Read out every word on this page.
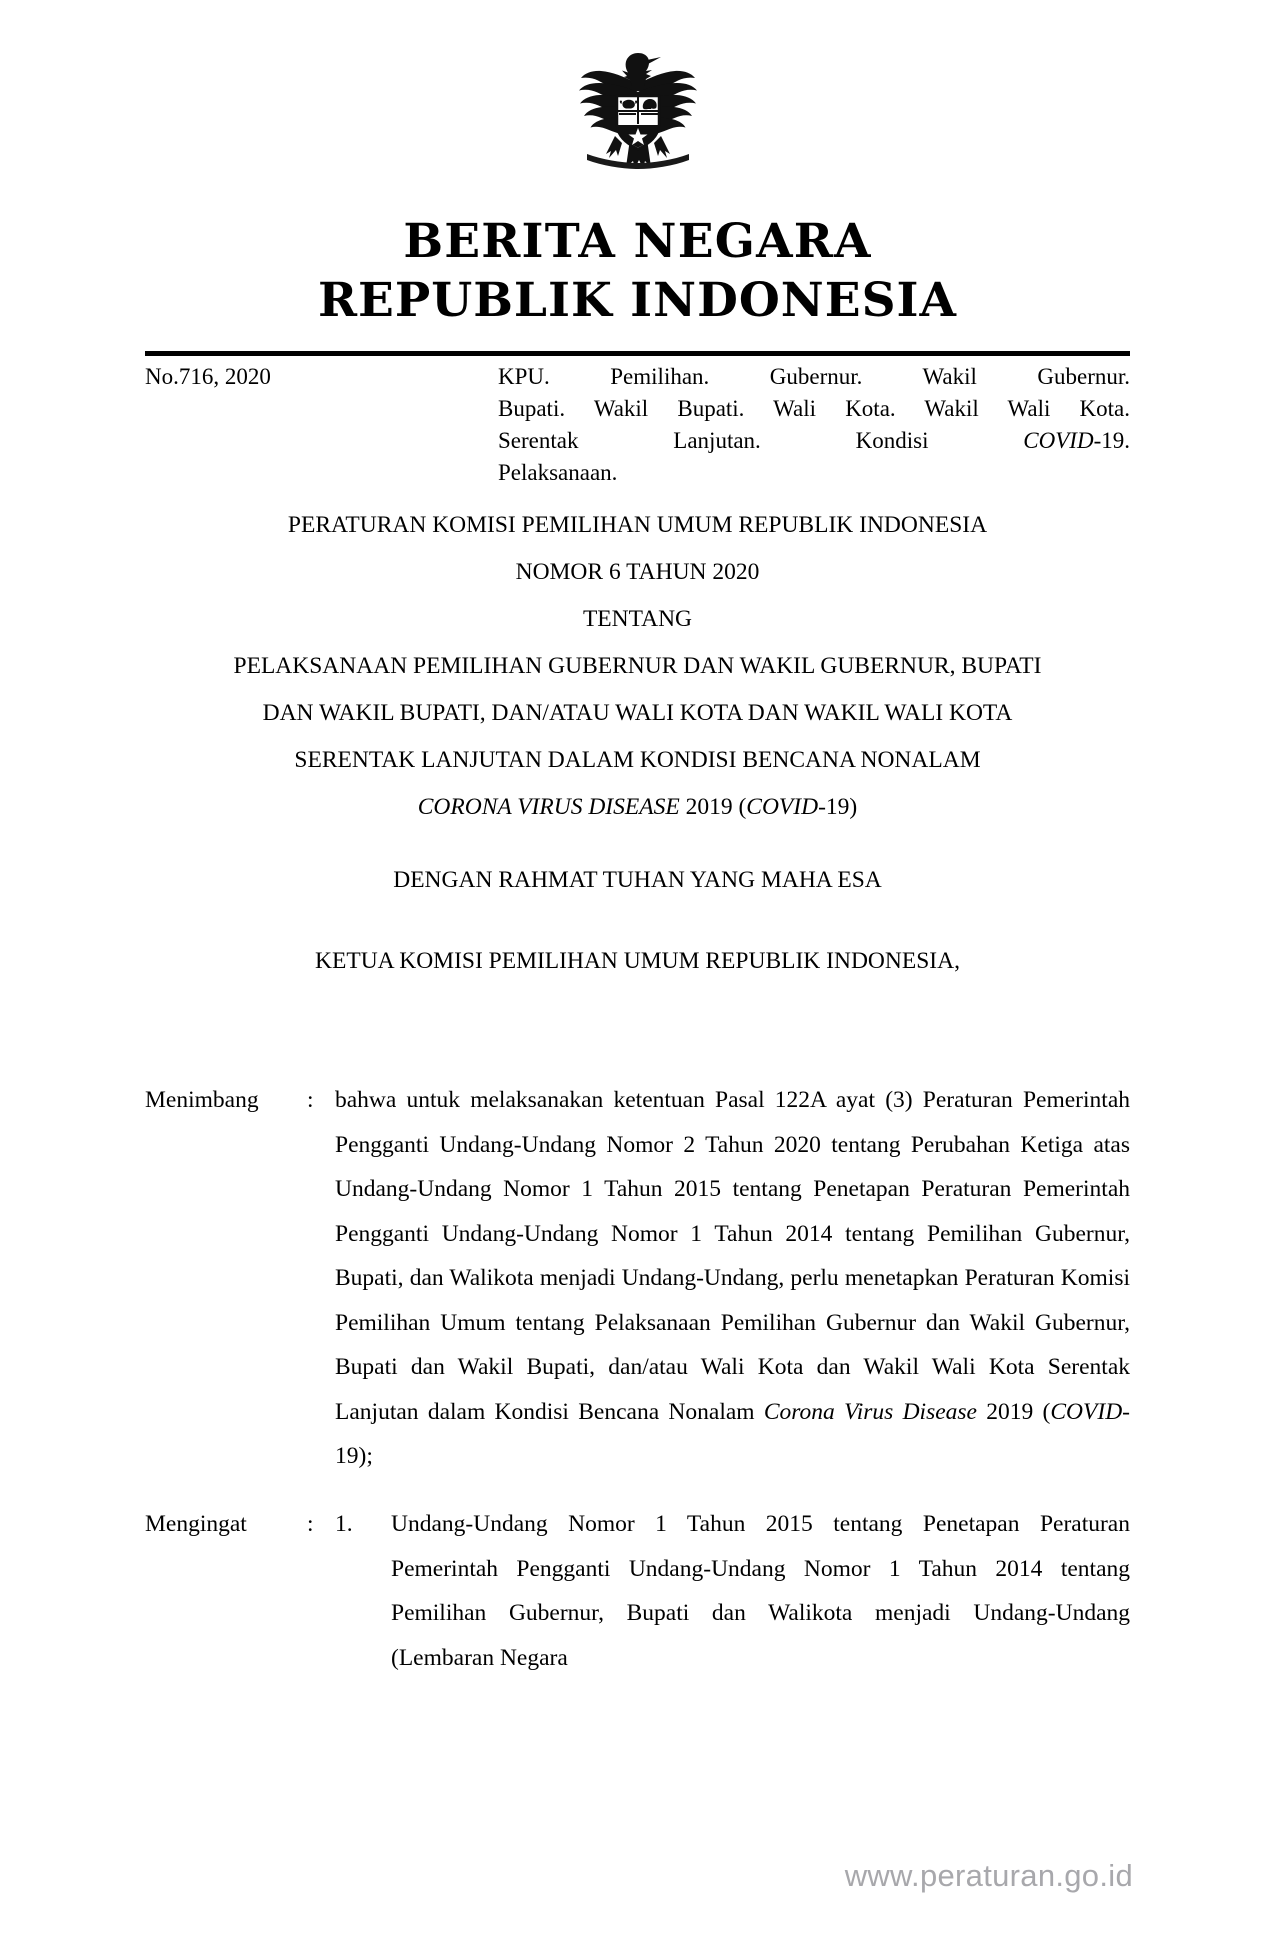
BERITA NEGARA
REPUBLIK INDONESIA
No.716, 2020	KPU. Pemilihan. Gubernur. Wakil Gubernur.
Bupati. Wakil Bupati. Wali Kota. Wakil Wali Kota.
Serentak Lanjutan. Kondisi COVID-19.
Pelaksanaan.
PERATURAN KOMISI PEMILIHAN UMUM REPUBLIK INDONESIA
NOMOR 6 TAHUN 2020
TENTANG
PELAKSANAAN PEMILIHAN GUBERNUR DAN WAKIL GUBERNUR, BUPATI
DAN WAKIL BUPATI, DAN/ATAU WALI KOTA DAN WAKIL WALI KOTA
SERENTAK LANJUTAN DALAM KONDISI BENCANA NONALAM
CORONA VIRUS DISEASE 2019 (COVID-19)
DENGAN RAHMAT TUHAN YANG MAHA ESA
KETUA KOMISI PEMILIHAN UMUM REPUBLIK INDONESIA,
Menimbang	: bahwa untuk melaksanakan ketentuan Pasal 122A ayat (3) Peraturan Pemerintah Pengganti Undang-Undang Nomor 2 Tahun 2020 tentang Perubahan Ketiga atas Undang-Undang Nomor 1 Tahun 2015 tentang Penetapan Peraturan Pemerintah Pengganti Undang-Undang Nomor 1 Tahun 2014 tentang Pemilihan Gubernur, Bupati, dan Walikota menjadi Undang-Undang, perlu menetapkan Peraturan Komisi Pemilihan Umum tentang Pelaksanaan Pemilihan Gubernur dan Wakil Gubernur, Bupati dan Wakil Bupati, dan/atau Wali Kota dan Wakil Wali Kota Serentak Lanjutan dalam Kondisi Bencana Nonalam Corona Virus Disease 2019 (COVID-19);
Mengingat	: 1.	Undang-Undang Nomor 1 Tahun 2015 tentang Penetapan Peraturan Pemerintah Pengganti Undang-Undang Nomor 1 Tahun 2014 tentang Pemilihan Gubernur, Bupati dan Walikota menjadi Undang-Undang (Lembaran Negara
www.peraturan.go.id
